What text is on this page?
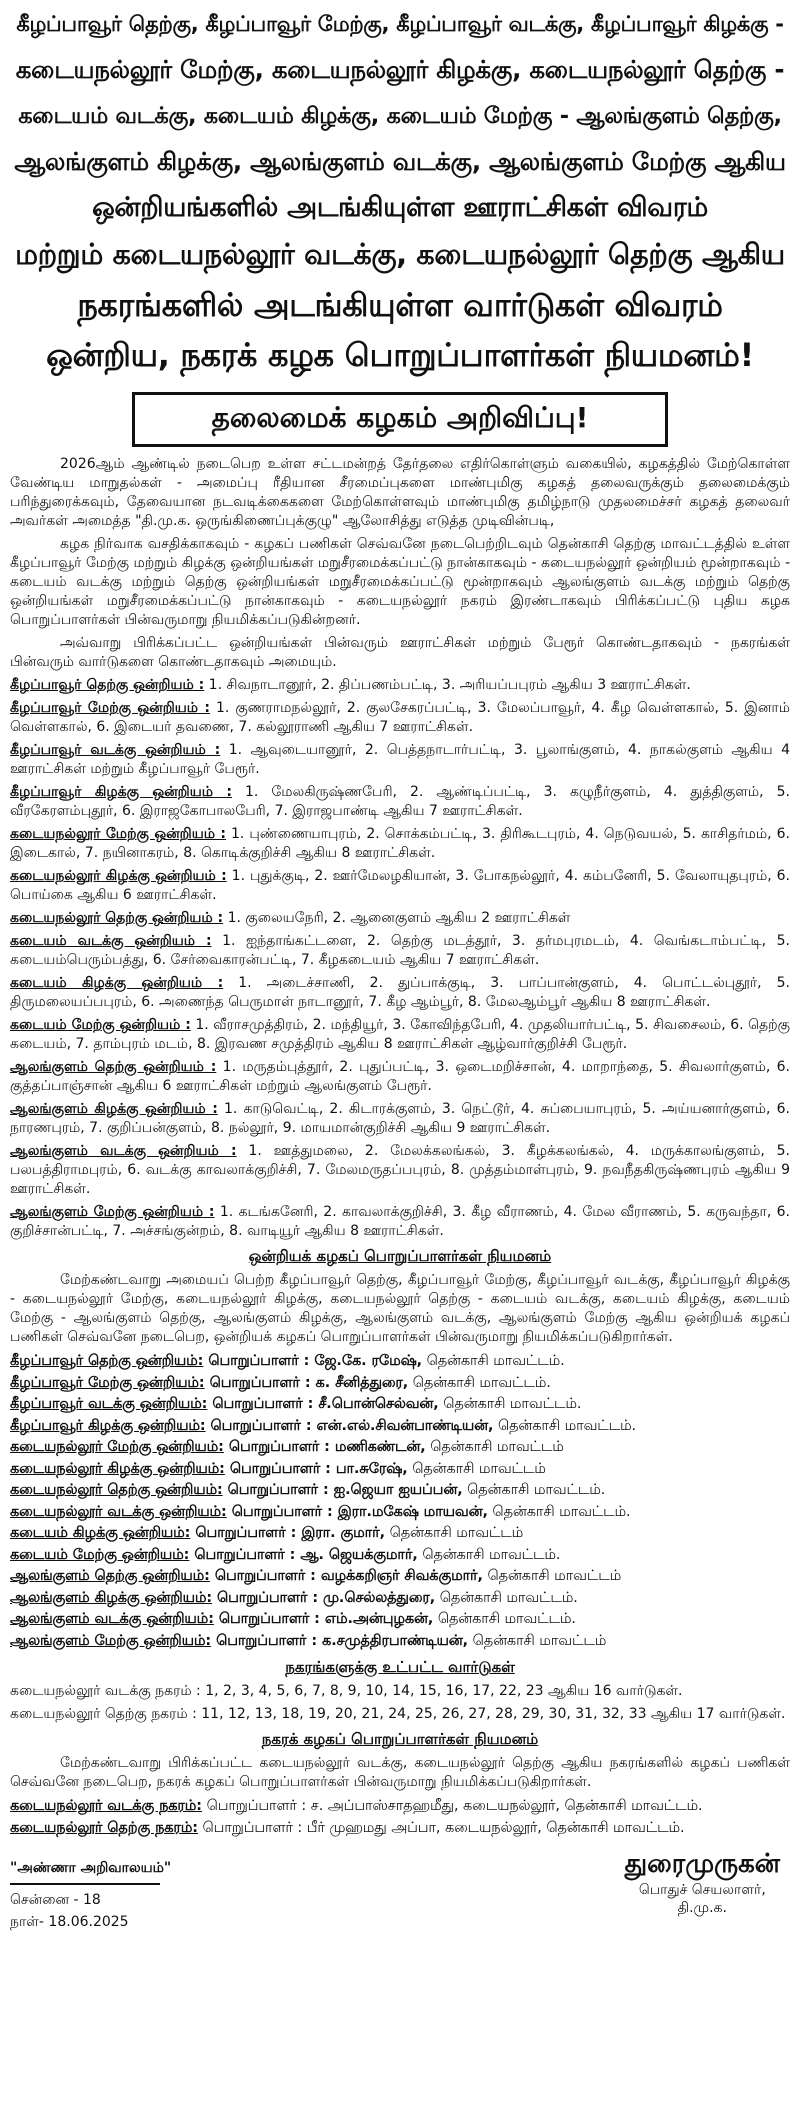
கீழப்பாவூர் தெற்கு, கீழப்பாவூர் மேற்கு, கீழப்பாவூர் வடக்கு, கீழப்பாவூர் கிழக்கு -
கடையநல்லூர் மேற்கு, கடையநல்லூர் கிழக்கு, கடையநல்லூர் தெற்கு -
கடையம் வடக்கு, கடையம் கிழக்கு, கடையம் மேற்கு - ஆலங்குளம் தெற்கு,
ஆலங்குளம் கிழக்கு, ஆலங்குளம் வடக்கு, ஆலங்குளம் மேற்கு ஆகிய
ஒன்றியங்களில் அடங்கியுள்ள ஊராட்சிகள் விவரம்
மற்றும் கடையநல்லூர் வடக்கு, கடையநல்லூர் தெற்கு ஆகிய
நகரங்களில் அடங்கியுள்ள வார்டுகள் விவரம்
ஒன்றிய, நகரக் கழக பொறுப்பாளர்கள் நியமனம்!
தலைமைக் கழகம் அறிவிப்பு!

2026ஆம் ஆண்டில் நடைபெற உள்ள சட்டமன்றத் தேர்தலை எதிர்கொள்ளும் வகையில், கழகத்தில் மேற்கொள்ள வேண்டிய மாறுதல்கள் - அமைப்பு ரீதியான சீரமைப்புகளை மாண்புமிகு கழகத் தலைவருக்கும் தலைமைக்கும் பரிந்துரைக்கவும், தேவையான நடவடிக்கைகளை மேற்கொள்ளவும் மாண்புமிகு தமிழ்நாடு முதலமைச்சர் கழகத் தலைவர் அவர்கள் அமைத்த "தி.மு.க. ஒருங்கிணைப்புக்குழு" ஆலோசித்து எடுத்த முடிவின்படி,

கழக நிர்வாக வசதிக்காகவும் - கழகப் பணிகள் செவ்வனே நடைபெற்றிடவும் தென்காசி தெற்கு மாவட்டத்தில் உள்ள கீழப்பாவூர் மேற்கு மற்றும் கிழக்கு ஒன்றியங்கள் மறுசீரமைக்கப்பட்டு நான்காகவும் - கடையநல்லூர் ஒன்றியம் மூன்றாகவும் - கடையம் வடக்கு மற்றும் தெற்கு ஒன்றியங்கள் மறுசீரமைக்கப்பட்டு மூன்றாகவும் ஆலங்குளம் வடக்கு மற்றும் தெற்கு ஒன்றியங்கள் மறுசீரமைக்கப்பட்டு நான்காகவும் - கடையநல்லூர் நகரம் இரண்டாகவும் பிரிக்கப்பட்டு புதிய கழக பொறுப்பாளர்கள் பின்வருமாறு நியமிக்கப்படுகின்றனர்.

அவ்வாறு பிரிக்கப்பட்ட ஒன்றியங்கள் பின்வரும் ஊராட்சிகள் மற்றும் பேரூர் கொண்டதாகவும் - நகரங்கள் பின்வரும் வார்டுகளை கொண்டதாகவும் அமையும்.

கீழப்பாவூர் தெற்கு ஒன்றியம் : 1. சிவநாடானூர், 2. திப்பணம்பட்டி, 3. அரியப்பபுரம் ஆகிய 3 ஊராட்சிகள்.

கீழப்பாவூர் மேற்கு ஒன்றியம் : 1. குணராமநல்லூர், 2. குலசேகரப்பட்டி, 3. மேலப்பாவூர், 4. கீழ வெள்ளகால், 5. இனாம் வெள்ளகால், 6. இடையர் தவணை, 7. கல்லூராணி ஆகிய 7 ஊராட்சிகள்.

கீழப்பாவூர் வடக்கு ஒன்றியம் : 1. ஆவுடையானூர், 2. பெத்தநாடார்பட்டி, 3. பூலாங்குளம், 4. நாகல்குளம் ஆகிய 4 ஊராட்சிகள் மற்றும் கீழப்பாவூர் பேரூர்.

கீழப்பாவூர் கிழக்கு ஒன்றியம் : 1. மேலகிருஷ்ணபேரி, 2. ஆண்டிப்பட்டி, 3. கழுநீர்குளம், 4. துத்திகுளம், 5. வீரகேரளம்புதூர், 6. இராஜகோபாலபேரி, 7. இராஜபாண்டி ஆகிய 7 ஊராட்சிகள்.

கடையநல்லூர் மேற்கு ஒன்றியம் : 1. புண்ணையாபுரம், 2. சொக்கம்பட்டி, 3. திரிகூடபுரம், 4. நெடுவயல், 5. காசிதர்மம், 6. இடைகால், 7. நயினாகரம், 8. கொடிக்குறிச்சி ஆகிய 8 ஊராட்சிகள்.

கடையநல்லூர் கிழக்கு ஒன்றியம் : 1. புதுக்குடி, 2. ஊர்மேலழகியான், 3. போகநல்லூர், 4. கம்பனேரி, 5. வேலாயுதபுரம், 6. பொய்கை ஆகிய 6 ஊராட்சிகள்.

கடையநல்லூர் தெற்கு ஒன்றியம் : 1. குலையநேரி, 2. ஆனைகுளம் ஆகிய 2 ஊராட்சிகள்

கடையம் வடக்கு ஒன்றியம் : 1. ஐந்தாங்கட்டளை, 2. தெற்கு மடத்தூர், 3. தர்மபுரமடம், 4. வெங்கடாம்பட்டி, 5. கடையம்பெரும்பத்து, 6. சேர்வைகாரன்பட்டி, 7. கீழகடையம் ஆகிய 7 ஊராட்சிகள்.

கடையம் கிழக்கு ஒன்றியம் : 1. அடைச்சாணி, 2. துப்பாக்குடி, 3. பாப்பான்குளம், 4. பொட்டல்புதூர், 5. திருமலையப்பபுரம், 6. அணைந்த பெருமாள் நாடானூர், 7. கீழ ஆம்பூர், 8. மேலஆம்பூர் ஆகிய 8 ஊராட்சிகள்.

கடையம் மேற்கு ஒன்றியம் : 1. வீராசமுத்திரம், 2. மந்தியூர், 3. கோவிந்தபேரி, 4. முதலியார்பட்டி, 5. சிவசைலம், 6. தெற்கு கடையம், 7. தாம்புரம் மடம், 8. இரவண சமுத்திரம் ஆகிய 8 ஊராட்சிகள் ஆழ்வார்குறிச்சி பேரூர்.

ஆலங்குளம் தெற்கு ஒன்றியம் : 1. மருதம்புத்தூர், 2. புதுப்பட்டி, 3. ஒடைமறிச்சான், 4. மாறாந்தை, 5. சிவலார்குளம், 6. குத்தப்பாஞ்சான் ஆகிய 6 ஊராட்சிகள் மற்றும் ஆலங்குளம் பேரூர்.

ஆலங்குளம் கிழக்கு ஒன்றியம் : 1. காடுவெட்டி, 2. கிடாரக்குளம், 3. நெட்டூர், 4. சுப்பையாபுரம், 5. அய்யனார்குளம், 6. நாரணபுரம், 7. குறிப்பன்குளம், 8. நல்லூர், 9. மாயமான்குறிச்சி ஆகிய 9 ஊராட்சிகள்.

ஆலங்குளம் வடக்கு ஒன்றியம் : 1. ஊத்துமலை, 2. மேலக்கலங்கல், 3. கீழக்கலங்கல், 4. மருக்காலங்குளம், 5. பலபத்திராமபுரம், 6. வடக்கு காவலாக்குறிச்சி, 7. மேலமருதப்பபுரம், 8. முத்தம்மாள்புரம், 9. நவநீதகிருஷ்ணபுரம் ஆகிய 9 ஊராட்சிகள்.

ஆலங்குளம் மேற்கு ஒன்றியம் : 1. கடங்கனேரி, 2. காவலாக்குறிச்சி, 3. கீழ வீராணம், 4. மேல வீராணம், 5. கருவந்தா, 6. குறிச்சான்பட்டி, 7. அச்சங்குன்றம், 8. வாடியூர் ஆகிய 8 ஊராட்சிகள்.

ஒன்றியக் கழகப் பொறுப்பாளர்கள் நியமனம்

மேற்கண்டவாறு அமையப் பெற்ற கீழப்பாவூர் தெற்கு, கீழப்பாவூர் மேற்கு, கீழப்பாவூர் வடக்கு, கீழப்பாவூர் கிழக்கு - கடையநல்லூர் மேற்கு, கடையநல்லூர் கிழக்கு, கடையநல்லூர் தெற்கு - கடையம் வடக்கு, கடையம் கிழக்கு, கடையம் மேற்கு - ஆலங்குளம் தெற்கு, ஆலங்குளம் கிழக்கு, ஆலங்குளம் வடக்கு, ஆலங்குளம் மேற்கு ஆகிய ஒன்றியக் கழகப் பணிகள் செவ்வனே நடைபெற, ஒன்றியக் கழகப் பொறுப்பாளர்கள் பின்வருமாறு நியமிக்கப்படுகிறார்கள்.

கீழப்பாவூர் தெற்கு ஒன்றியம்: பொறுப்பாளர் : ஜே.கே. ரமேஷ், தென்காசி மாவட்டம்.
கீழப்பாவூர் மேற்கு ஒன்றியம்: பொறுப்பாளர் : க. சீனித்துரை, தென்காசி மாவட்டம்.
கீழப்பாவூர் வடக்கு ஒன்றியம்: பொறுப்பாளர் : சீ.பொன்செல்வன், தென்காசி மாவட்டம்.
கீழப்பாவூர் கிழக்கு ஒன்றியம்: பொறுப்பாளர் : என்.எல்.சிவன்பாண்டியன், தென்காசி மாவட்டம்.
கடையநல்லூர் மேற்கு ஒன்றியம்: பொறுப்பாளர் : மணிகண்டன், தென்காசி மாவட்டம்
கடையநல்லூர் கிழக்கு ஒன்றியம்: பொறுப்பாளர் : பா.சுரேஷ், தென்காசி மாவட்டம்
கடையநல்லூர் தெற்கு ஒன்றியம்: பொறுப்பாளர் : ஐ.ஜெயா ஐயப்பன், தென்காசி மாவட்டம்.
கடையநல்லூர் வடக்கு ஒன்றியம்: பொறுப்பாளர் : இரா.மகேஷ் மாயவன், தென்காசி மாவட்டம்.
கடையம் கிழக்கு ஒன்றியம்: பொறுப்பாளர் : இரா. குமார், தென்காசி மாவட்டம்
கடையம் மேற்கு ஒன்றியம்: பொறுப்பாளர் : ஆ. ஜெயக்குமார், தென்காசி மாவட்டம்.
ஆலங்குளம் தெற்கு ஒன்றியம்: பொறுப்பாளர் : வழக்கறிஞர் சிவக்குமார், தென்காசி மாவட்டம்
ஆலங்குளம் கிழக்கு ஒன்றியம்: பொறுப்பாளர் : மு.செல்லத்துரை, தென்காசி மாவட்டம்.
ஆலங்குளம் வடக்கு ஒன்றியம்: பொறுப்பாளர் : எம்.அன்புழகன், தென்காசி மாவட்டம்.
ஆலங்குளம் மேற்கு ஒன்றியம்: பொறுப்பாளர் : க.சமுத்திரபாண்டியன், தென்காசி மாவட்டம்
நகரங்களுக்கு உட்பட்ட வார்டுகள்

கடையநல்லூர் வடக்கு நகரம் : 1, 2, 3, 4, 5, 6, 7, 8, 9, 10, 14, 15, 16, 17, 22, 23 ஆகிய 16 வார்டுகள்.

கடையநல்லூர் தெற்கு நகரம் : 11, 12, 13, 18, 19, 20, 21, 24, 25, 26, 27, 28, 29, 30, 31, 32, 33 ஆகிய 17 வார்டுகள்.

நகரக் கழகப் பொறுப்பாளர்கள் நியமனம்

மேற்கண்டவாறு பிரிக்கப்பட்ட கடையநல்லூர் வடக்கு, கடையநல்லூர் தெற்கு ஆகிய நகரங்களில் கழகப் பணிகள் செவ்வனே நடைபெற, நகரக் கழகப் பொறுப்பாளர்கள் பின்வருமாறு நியமிக்கப்படுகிறார்கள்.

கடையநல்லூர் வடக்கு நகரம்: பொறுப்பாளர் : ச. அப்பாஸ்சாதஹமீது, கடையநல்லூர், தென்காசி மாவட்டம்.
கடையநல்லூர் தெற்கு நகரம்: பொறுப்பாளர் : பீர் முஹமது அப்பா, கடையநல்லூர், தென்காசி மாவட்டம்.
"அண்ணா அறிவாலயம்"
சென்னை - 18
நாள்- 18.06.2025
துரைமுருகன்
பொதுச் செயலாளர்,
தி.மு.க.
